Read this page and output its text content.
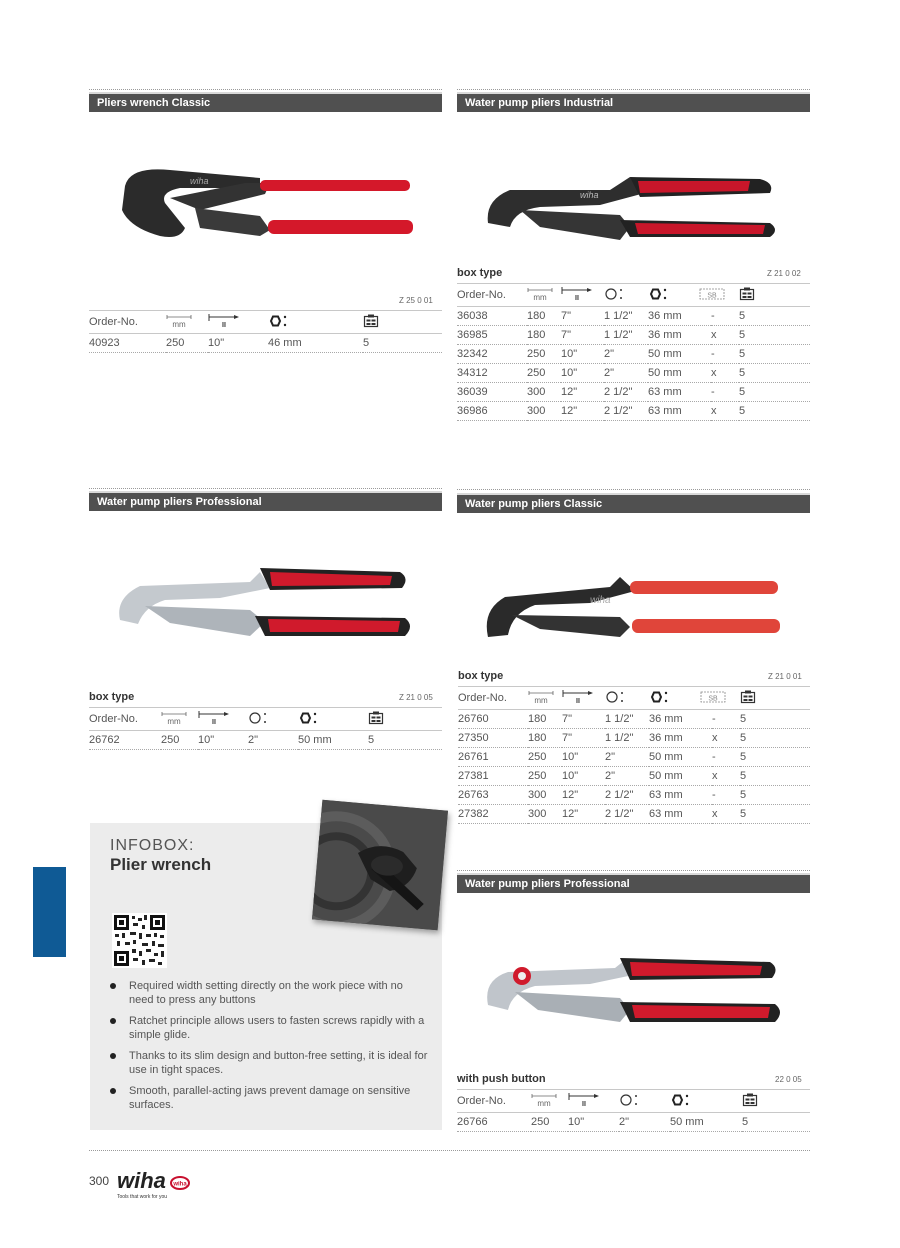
Pliers wrench Classic
wiha
Z 25 0 01
Order-No.	mm	II

40923	250	10"	46 mm	5
Water pump pliers Industrial
wiha
box type	Z 21 0 02
Order-No.	mm	II			SB

36038	180	7"	1 1/2"	36 mm	-	5
36985	180	7"	1 1/2"	36 mm	x	5
32342	250	10"	2"	50 mm	-	5
34312	250	10"	2"	50 mm	x	5
36039	300	12"	2 1/2"	63 mm	-	5
36986	300	12"	2 1/2"	63 mm	x	5
Water pump pliers Professional
box type	Z 21 0 05
Order-No.	mm	II

26762	250	10"	2"	50 mm	5
Water pump pliers Classic
wiha
box type	Z 21 0 01
Order-No.	mm	II			SB

26760	180	7"	1 1/2"	36 mm	-	5
27350	180	7"	1 1/2"	36 mm	x	5
26761	250	10"	2"	50 mm	-	5
27381	250	10"	2"	50 mm	x	5
26763	300	12"	2 1/2"	63 mm	-	5
27382	300	12"	2 1/2"	63 mm	x	5
Water pump pliers Professional
with push button	22 0 05
Order-No.	mm	II

26766	250	10"	2"	50 mm	5
INFOBOX:
Plier wrench
Required width setting directly on the work piece with no need to press any buttons
Ratchet principle allows users to fasten screws rapidly with a simple glide.
Thanks to its slim design and button-free setting, it is ideal for use in tight spaces.
Smooth, parallel-acting jaws prevent damage on sensitive surfaces.
300 wiha wiha
Tools that work for you
